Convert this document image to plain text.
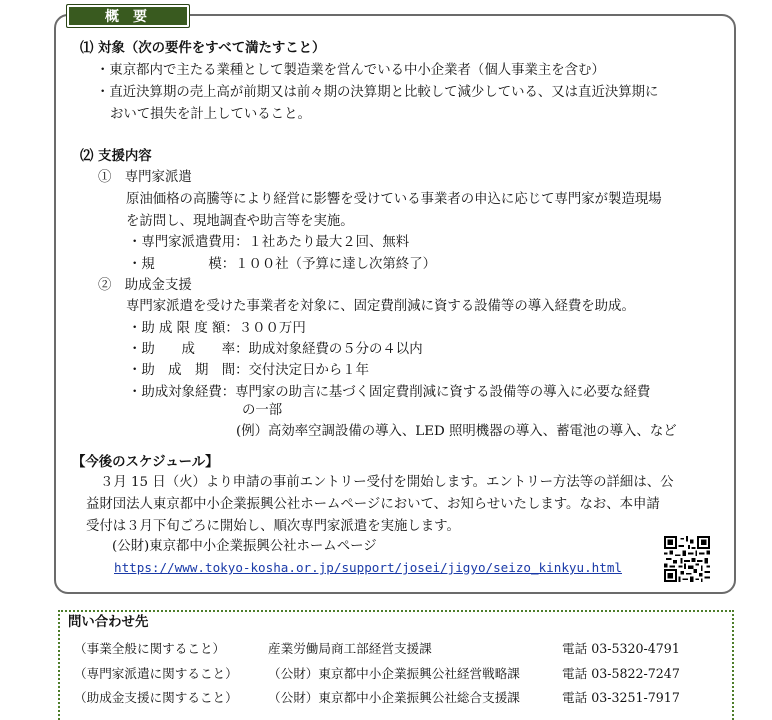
概要
⑴ 対象（次の要件をすべて満たすこと）
・東京都内で主たる業種として製造業を営んでいる中小企業者（個人事業主を含む）
・直近決算期の売上高が前期又は前々期の決算期と比較して減少している、又は直近決算期に
おいて損失を計上していること。
⑵ 支援内容
①　専門家派遣
原油価格の高騰等により経営に影響を受けている事業者の申込に応じて専門家が製造現場
を訪問し、現地調査や助言等を実施。
・専門家派遣費用：１社あたり最大２回、無料
・規　　　　模：１００社（予算に達し次第終了）
②　助成金支援
専門家派遣を受けた事業者を対象に、固定費削減に資する設備等の導入経費を助成。
・助 成 限 度 額：３００万円
・助　　成　　率：助成対象経費の５分の４以内
・助　成　期　間：交付決定日から１年
・助成対象経費：専門家の助言に基づく固定費削減に資する設備等の導入に必要な経費
の一部
(例）高効率空調設備の導入、LED 照明機器の導入、蓄電池の導入、など
【今後のスケジュール】
３月 15 日（火）より申請の事前エントリー受付を開始します。エントリー方法等の詳細は、公
益財団法人東京都中小企業振興公社ホームページにおいて、お知らせいたします。なお、本申請
受付は３月下旬ごろに開始し、順次専門家派遣を実施します。
(公財)東京都中小企業振興公社ホームページ
https://www.tokyo-kosha.or.jp/support/josei/jigyo/seizo_kinkyu.html
問い合わせ先
（事業全般に関すること）	産業労働局商工部経営支援課	電話 03-5320-4791
（専門家派遣に関すること） （公財）東京都中小企業振興公社経営戦略課	電話 03-5822-7247
（助成金支援に関すること） （公財）東京都中小企業振興公社総合支援課	電話 03-3251-7917
